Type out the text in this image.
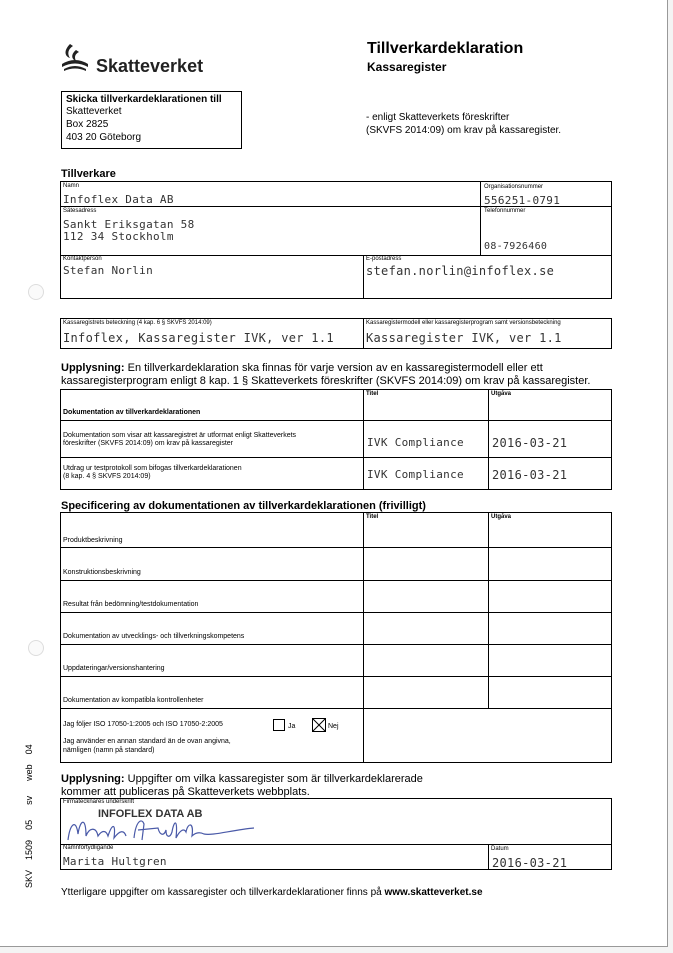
Skatteverket
Tillverkardeklaration
Kassaregister
Skicka tillverkardeklarationen till
Skatteverket
Box 2825
403 20 Göteborg
- enligt Skatteverkets föreskrifter
(SKVFS 2014:09) om krav på kassaregister.
Tillverkare
Namn
Infoflex Data AB
Organisationsnummer
556251-0791
Sätesadress
Sankt Eriksgatan 58
112 34 Stockholm
Telefonnummer
08-7926460
Kontaktperson
Stefan Norlin
E-postadress
stefan.norlin@infoflex.se
Kassaregistrets beteckning (4 kap. 6 § SKVFS 2014:09)
Infoflex, Kassaregister IVK, ver 1.1
Kassaregistermodell eller kassaregisterprogram samt versionsbeteckning
Kassaregister IVK, ver 1.1
Upplysning: En tillverkardeklaration ska finnas för varje version av en kassaregistermodell eller ett
kassaregisterprogram enligt 8 kap. 1 § Skatteverkets föreskrifter (SKVFS 2014:09) om krav på kassaregister.
Titel	Utgåva
Dokumentation av tillverkardeklarationen
Dokumentation som visar att kassaregistret är utformat enligt Skatteverkets
föreskrifter (SKVFS 2014:09) om krav på kassaregister	IVK Compliance 2016-03-21
Utdrag ur testprotokoll som bifogas tillverkardeklarationen
(8 kap. 4 § SKVFS 2014:09)	IVK Compliance 2016-03-21
Specificering av dokumentationen av tillverkardeklarationen (frivilligt)
Titel	Utgåva
Produktbeskrivning
Konstruktionsbeskrivning
Resultat från bedömning/testdokumentation
Dokumentation av utvecklings- och tillverkningskompetens
Uppdateringar/versionshantering
Dokumentation av kompatibla kontrollenheter
Jag följer ISO 17050-1:2005 och ISO 17050-2:2005	Ja	Nej
Jag använder en annan standard än de ovan angivna,
nämligen (namn på standard)
Upplysning: Uppgifter om vilka kassaregister som är tillverkardeklarerade
kommer att publiceras på Skatteverkets webbplats.
Firmatecknares underskrift
INFOFLEX DATA AB
Namnförtydligande
Marita Hultgren
Datum
2016-03-21
Ytterligare uppgifter om kassaregister och tillverkardeklarationer finns på www.skatteverket.se
SKV    1509    05      sv      web    04
